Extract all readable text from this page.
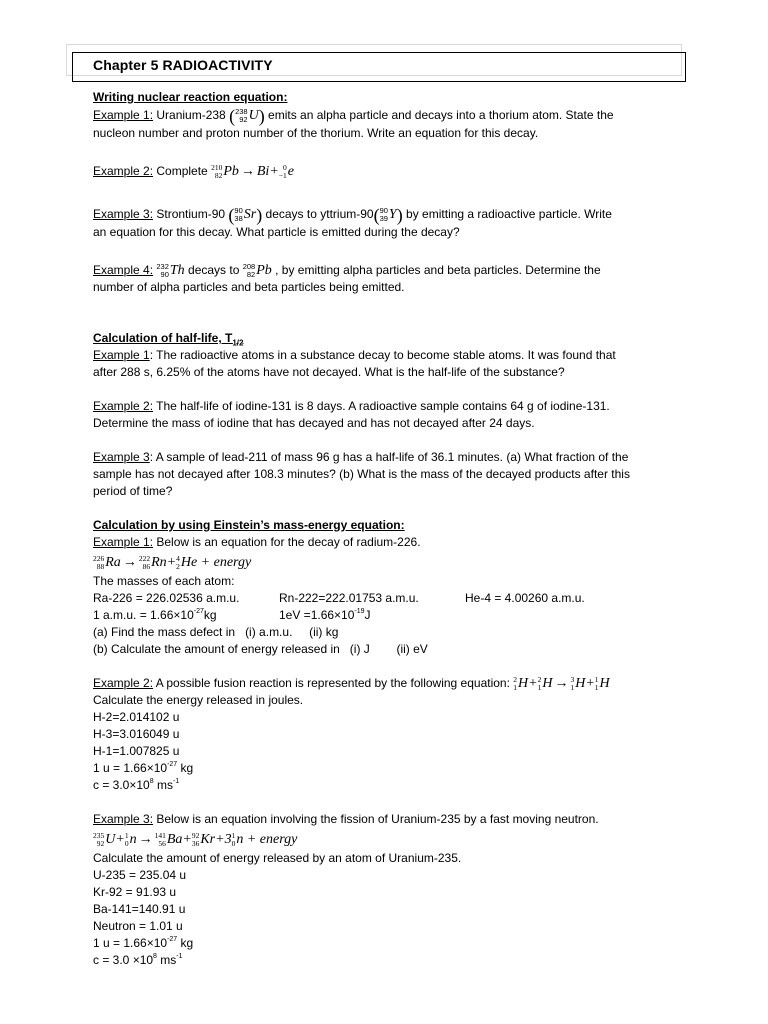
Chapter 5 RADIOACTIVITY

Writing nuclear reaction equation:

Example 1: Uranium-238 ( 238
92 U) emits an alpha particle and decays into a thorium atom. State the

nucleon number and proton number of the thorium. Write an equation for this decay.

Example 2: Complete 210
82 Pb → Bi+ 0
−1 e

Example 3: Strontium-90 ( 90
38 Sr) decays to yttrium-90( 90
39 Y) by emitting a radioactive particle. Write

an equation for this decay. What particle is emitted during the decay?

Example 4: 232
90 Th decays to 208
82 Pb , by emitting alpha particles and beta particles. Determine the

number of alpha particles and beta particles being emitted.

Calculation of half-life, $T_{1/2}$

Example 1: The radioactive atoms in a substance decay to become stable atoms. It was found that

after 288 s, 6.25% of the atoms have not decayed. What is the half-life of the substance?

Example 2: The half-life of iodine-131 is 8 days. A radioactive sample contains 64 g of iodine-131.

Determine the mass of iodine that has decayed and has not decayed after 24 days.

Example 3: A sample of lead-211 of mass 96 g has a half-life of 36.1 minutes. (a) What fraction of the

sample has not decayed after 108.3 minutes? (b) What is the mass of the decayed products after this

period of time?

Calculation by using Einstein’s mass-energy equation:

Example 1: Below is an equation for the decay of radium-226.

226
88 Ra → 222
86 Rn+ 4
2 He + energy

The masses of each atom:

Ra-226 = 226.02536 a.m.u.	Rn-222=222.01753 a.m.u.	He-4 = 4.00260 a.m.u.
1 a.m.u. = $1.66\times 10^{-27}kg$	$1eV =1.66\times 10^{-19}J$

(a) Find the mass defect in   (i) a.m.u.     (ii) kg

(b) Calculate the amount of energy released in   (i) J        (ii) eV

Example 2: A possible fusion reaction is represented by the following equation: 2
1 H+ 2
1 H → 3
1 H+ 1
1 H

Calculate the energy released in joules.

H-2=2.014102 u

H-3=3.016049 u

H-1=1.007825 u

1 $u = 1.66\times 10^{-27}$ kg

$c = 3.0\times 10^8$ $ms^{-1}$

Example 3: Below is an equation involving the fission of Uranium-235 by a fast moving neutron.

235
92 U+ 1
0 n → 141
56 Ba+ 92
36 Kr+3 1
0 n + energy

Calculate the amount of energy released by an atom of Uranium-235.

U-235 = 235.04 u

Kr-92 = 91.93 u

Ba-141=140.91 u

Neutron = 1.01 u

1 $u = 1.66\times 10^{-27}$ kg

$c = 3.0 \times 10^8$ $ms^{-1}$
